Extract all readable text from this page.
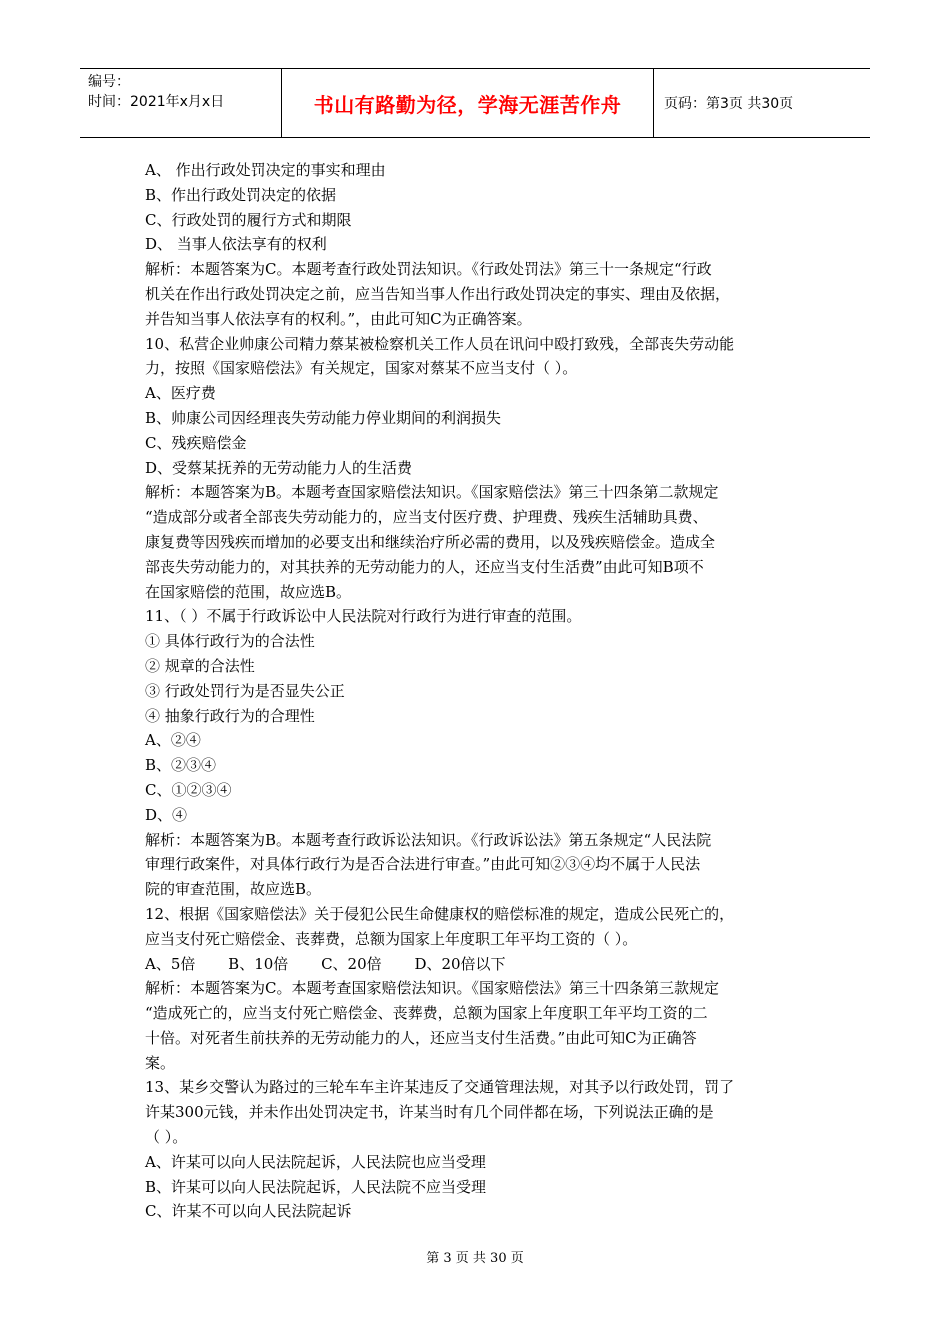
编号：
时间：2021年x月x日	书山有路勤为径，学海无涯苦作舟	页码：第3页 共30页

A、 作出行政处罚决定的事实和理由

B、作出行政处罚决定的依据

C、行政处罚的履行方式和期限

D、 当事人依法享有的权利

解析：本题答案为C。本题考查行政处罚法知识。《行政处罚法》第三十一条规定“行政

机关在作出行政处罚决定之前，应当告知当事人作出行政处罚决定的事实、理由及依据，

并告知当事人依法享有的权利。”，由此可知C为正确答案。

10、私营企业帅康公司精力蔡某被检察机关工作人员在讯问中殴打致残，全部丧失劳动能

力，按照《国家赔偿法》有关规定，国家对蔡某不应当支付（ ）。

A、医疗费

B、帅康公司因经理丧失劳动能力停业期间的利润损失

C、残疾赔偿金

D、受蔡某抚养的无劳动能力人的生活费

解析：本题答案为B。本题考查国家赔偿法知识。《国家赔偿法》第三十四条第二款规定

“造成部分或者全部丧失劳动能力的，应当支付医疗费、护理费、残疾生活辅助具费、

康复费等因残疾而增加的必要支出和继续治疗所必需的费用，以及残疾赔偿金。造成全

部丧失劳动能力的，对其扶养的无劳动能力的人，还应当支付生活费”由此可知B项不

在国家赔偿的范围，故应选B。

11、（ ）不属于行政诉讼中人民法院对行政行为进行审查的范围。

① 具体行政行为的合法性

② 规章的合法性

③ 行政处罚行为是否显失公正

④ 抽象行政行为的合理性

A、②④

B、②③④

C、①②③④

D、④

解析：本题答案为B。本题考查行政诉讼法知识。《行政诉讼法》第五条规定“人民法院

审理行政案件，对具体行政行为是否合法进行审查。”由此可知②③④均不属于人民法

院的审查范围，故应选B。

12、根据《国家赔偿法》关于侵犯公民生命健康权的赔偿标准的规定，造成公民死亡的，

应当支付死亡赔偿金、丧葬费，总额为国家上年度职工年平均工资的（ ）。

A、5倍 B、10倍 C、20倍 D、20倍以下

解析：本题答案为C。本题考查国家赔偿法知识。《国家赔偿法》第三十四条第三款规定

“造成死亡的，应当支付死亡赔偿金、丧葬费，总额为国家上年度职工年平均工资的二

十倍。对死者生前扶养的无劳动能力的人，还应当支付生活费。”由此可知C为正确答

案。

13、某乡交警认为路过的三轮车车主许某违反了交通管理法规，对其予以行政处罚，罚了

许某300元钱，并未作出处罚决定书，许某当时有几个同伴都在场，下列说法正确的是

（ ）。

A、许某可以向人民法院起诉，人民法院也应当受理

B、许某可以向人民法院起诉，人民法院不应当受理

C、许某不可以向人民法院起诉

第 3 页 共 30 页
